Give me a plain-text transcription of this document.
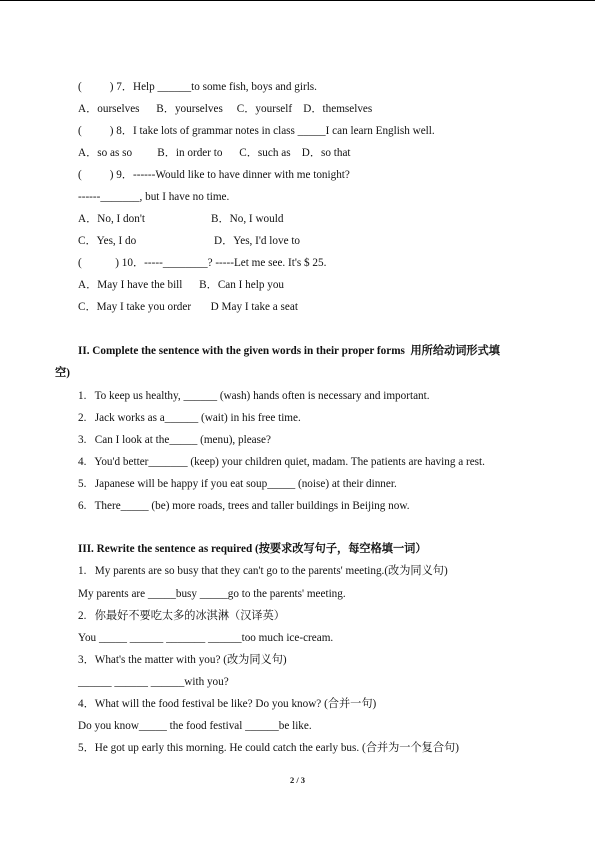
(          ) 7．Help ______to some fish, boys and girls.
A．ourselves      B．yourselves     C．yourself    D．themselves
(          ) 8．I take lots of grammar notes in class _____I can learn English well.
A．so as so         B．in order to      C．such as    D．so that
(          ) 9．------Would like to have dinner with me tonight?
------_______, but I have no time.
A．No, I don't	B．No, I would
C．Yes, I do	D．Yes, I'd love to
(            ) 10．-----________? -----Let me see. It's $ 25.
A．May I have the bill      B．Can I help you
C．May I take you order       D May I take a seat
II. Complete the sentence with the given words in their proper forms  用所给动词形式填
空)
1.   To keep us healthy, ______ (wash) hands often is necessary and important.
2.   Jack works as a______ (wait) in his free time.
3.   Can I look at the_____ (menu), please?
4.   You'd better_______ (keep) your children quiet, madam. The patients are having a rest.
5.   Japanese will be happy if you eat soup_____ (noise) at their dinner.
6.   There_____ (be) more roads, trees and taller buildings in Beijing now.
III. Rewrite the sentence as required (按要求改写句子，每空格填一词）
1.   My parents are so busy that they can't go to the parents' meeting.(改为同义句)
My parents are _____busy _____go to the parents' meeting.
2.   你最好不要吃太多的冰淇淋（汉译英）
You _____ ______ _______ ______too much ice-cream.
3．What's the matter with you? (改为同义句)
______ ______ ______with you?
4．What will the food festival be like? Do you know? (合并一句)
Do you know_____ the food festival ______be like.
5．He got up early this morning. He could catch the early bus. (合并为一个复合句)
2 / 3
